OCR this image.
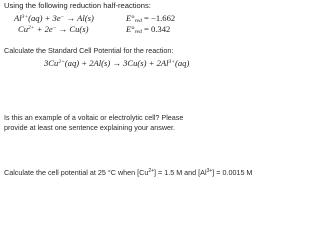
Using the following reduction half-reactions:
$Al^{3+}(aq) + 3e^- \to Al(s)$	$E^\circ_{red} = -1.662$
$Cu^{2+} + 2e^- \to Cu(s)$	$E^\circ_{red} = 0.342$
Calculate the Standard Cell Potential for the reaction:
$3Cu^{2+}(aq) + 2Al(s) \to 3Cu(s) + 2Al^{3+}(aq)$
Is this an example of a voltaic or electrolytic cell? Please provide at least one sentence explaining your answer.
Calculate the cell potential at 25 °C when $[Cu^{2+}] = 1.5$ M and $[Al^{3+}] = 0.0015$ M
